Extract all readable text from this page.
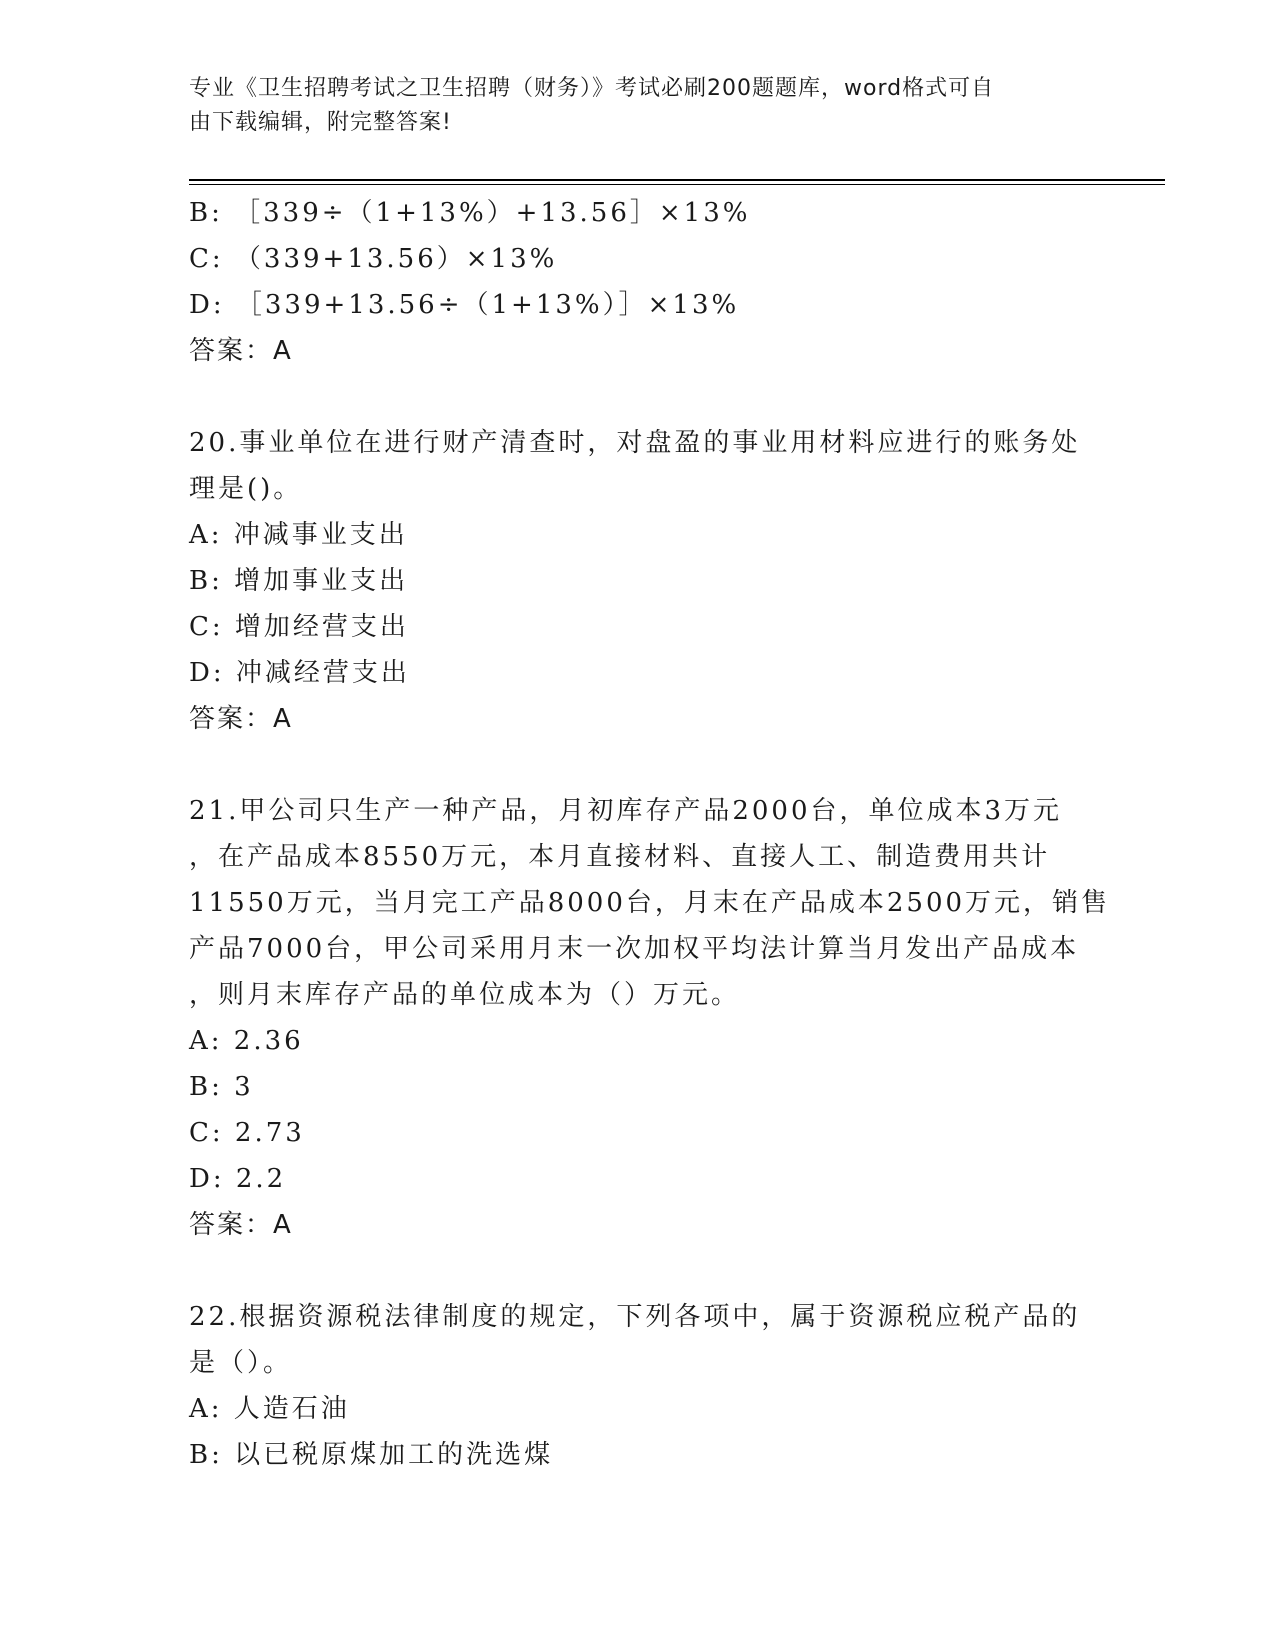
专业《卫生招聘考试之卫生招聘（财务）》考试必刷200题题库，word格式可自
由下载编辑，附完整答案!
B: ［339÷（1+13%）+13.56］×13%
C: （339+13.56）×13%
D: ［339+13.56÷（1+13%）］×13%
答案：A
20.事业单位在进行财产清查时，对盘盈的事业用材料应进行的账务处
理是()。
A: 冲减事业支出
B: 增加事业支出
C: 增加经营支出
D: 冲减经营支出
答案：A
21.甲公司只生产一种产品，月初库存产品2000台，单位成本3万元
，在产品成本8550万元，本月直接材料、直接人工、制造费用共计
11550万元，当月完工产品8000台，月末在产品成本2500万元，销售
产品7000台，甲公司采用月末一次加权平均法计算当月发出产品成本
，则月末库存产品的单位成本为（）万元。
A: 2.36
B: 3
C: 2.73
D: 2.2
答案：A
22.根据资源税法律制度的规定，下列各项中，属于资源税应税产品的
是（）。
A: 人造石油
B: 以已税原煤加工的洗选煤
